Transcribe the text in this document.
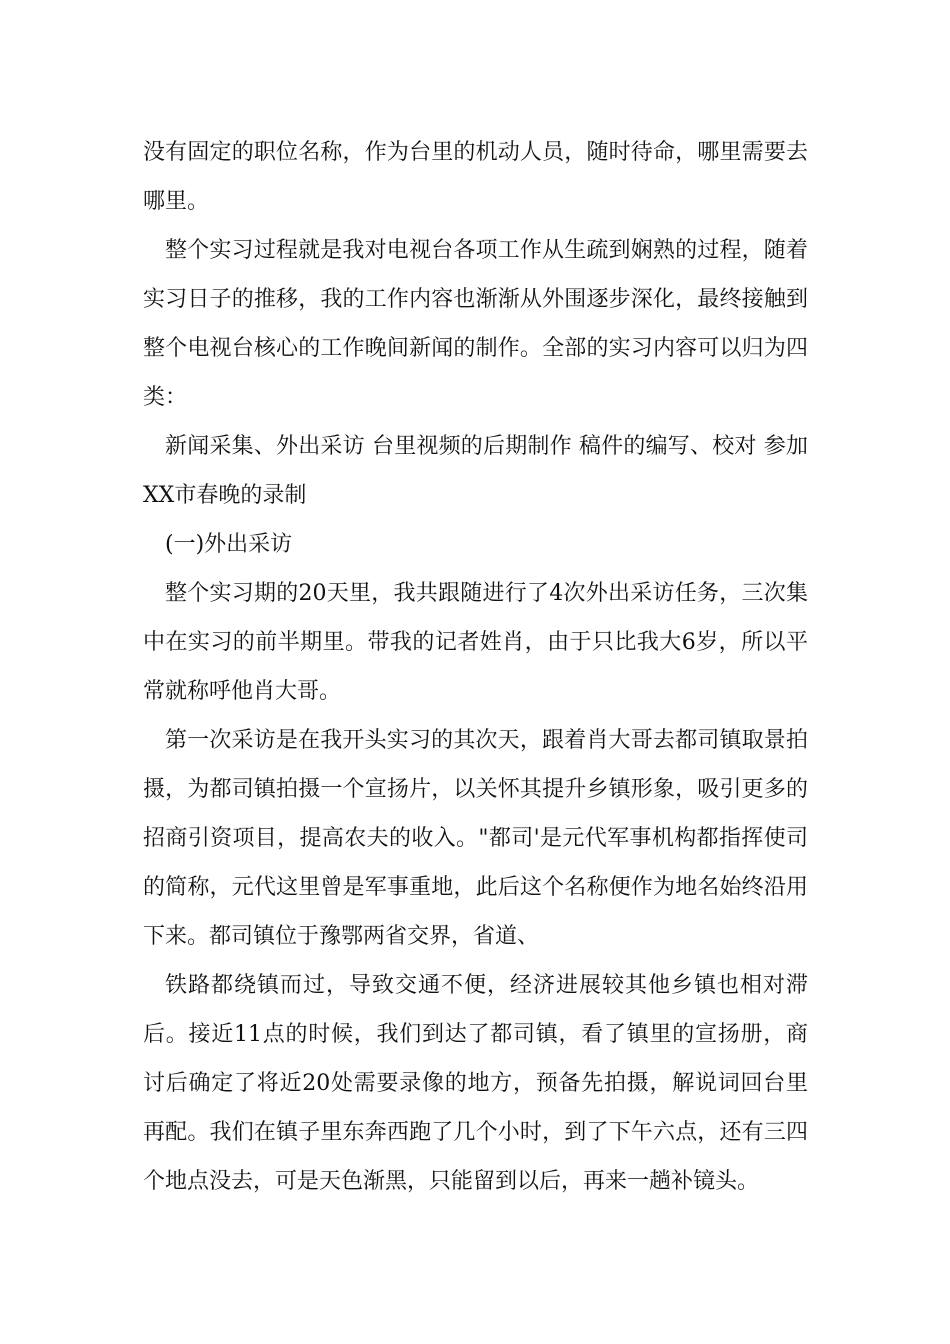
没有固定的职位名称，作为台里的机动人员，随时待命，哪里需要去哪里。

整个实习过程就是我对电视台各项工作从生疏到娴熟的过程，随着实习日子的推移，我的工作内容也渐渐从外围逐步深化，最终接触到整个电视台核心的工作晚间新闻的制作。全部的实习内容可以归为四类：

新闻采集、外出采访 台里视频的后期制作 稿件的编写、校对 参加XX市春晚的录制

(一)外出采访

整个实习期的20天里，我共跟随进行了4次外出采访任务，三次集中在实习的前半期里。带我的记者姓肖，由于只比我大6岁，所以平常就称呼他肖大哥。

第一次采访是在我开头实习的其次天，跟着肖大哥去都司镇取景拍摄，为都司镇拍摄一个宣扬片，以关怀其提升乡镇形象，吸引更多的招商引资项目，提高农夫的收入。"都司'是元代军事机构都指挥使司的简称，元代这里曾是军事重地，此后这个名称便作为地名始终沿用下来。都司镇位于豫鄂两省交界，省道、

铁路都绕镇而过，导致交通不便，经济进展较其他乡镇也相对滞后。接近11点的时候，我们到达了都司镇，看了镇里的宣扬册，商讨后确定了将近20处需要录像的地方，预备先拍摄，解说词回台里再配。我们在镇子里东奔西跑了几个小时，到了下午六点，还有三四个地点没去，可是天色渐黑，只能留到以后，再来一趟补镜头。
